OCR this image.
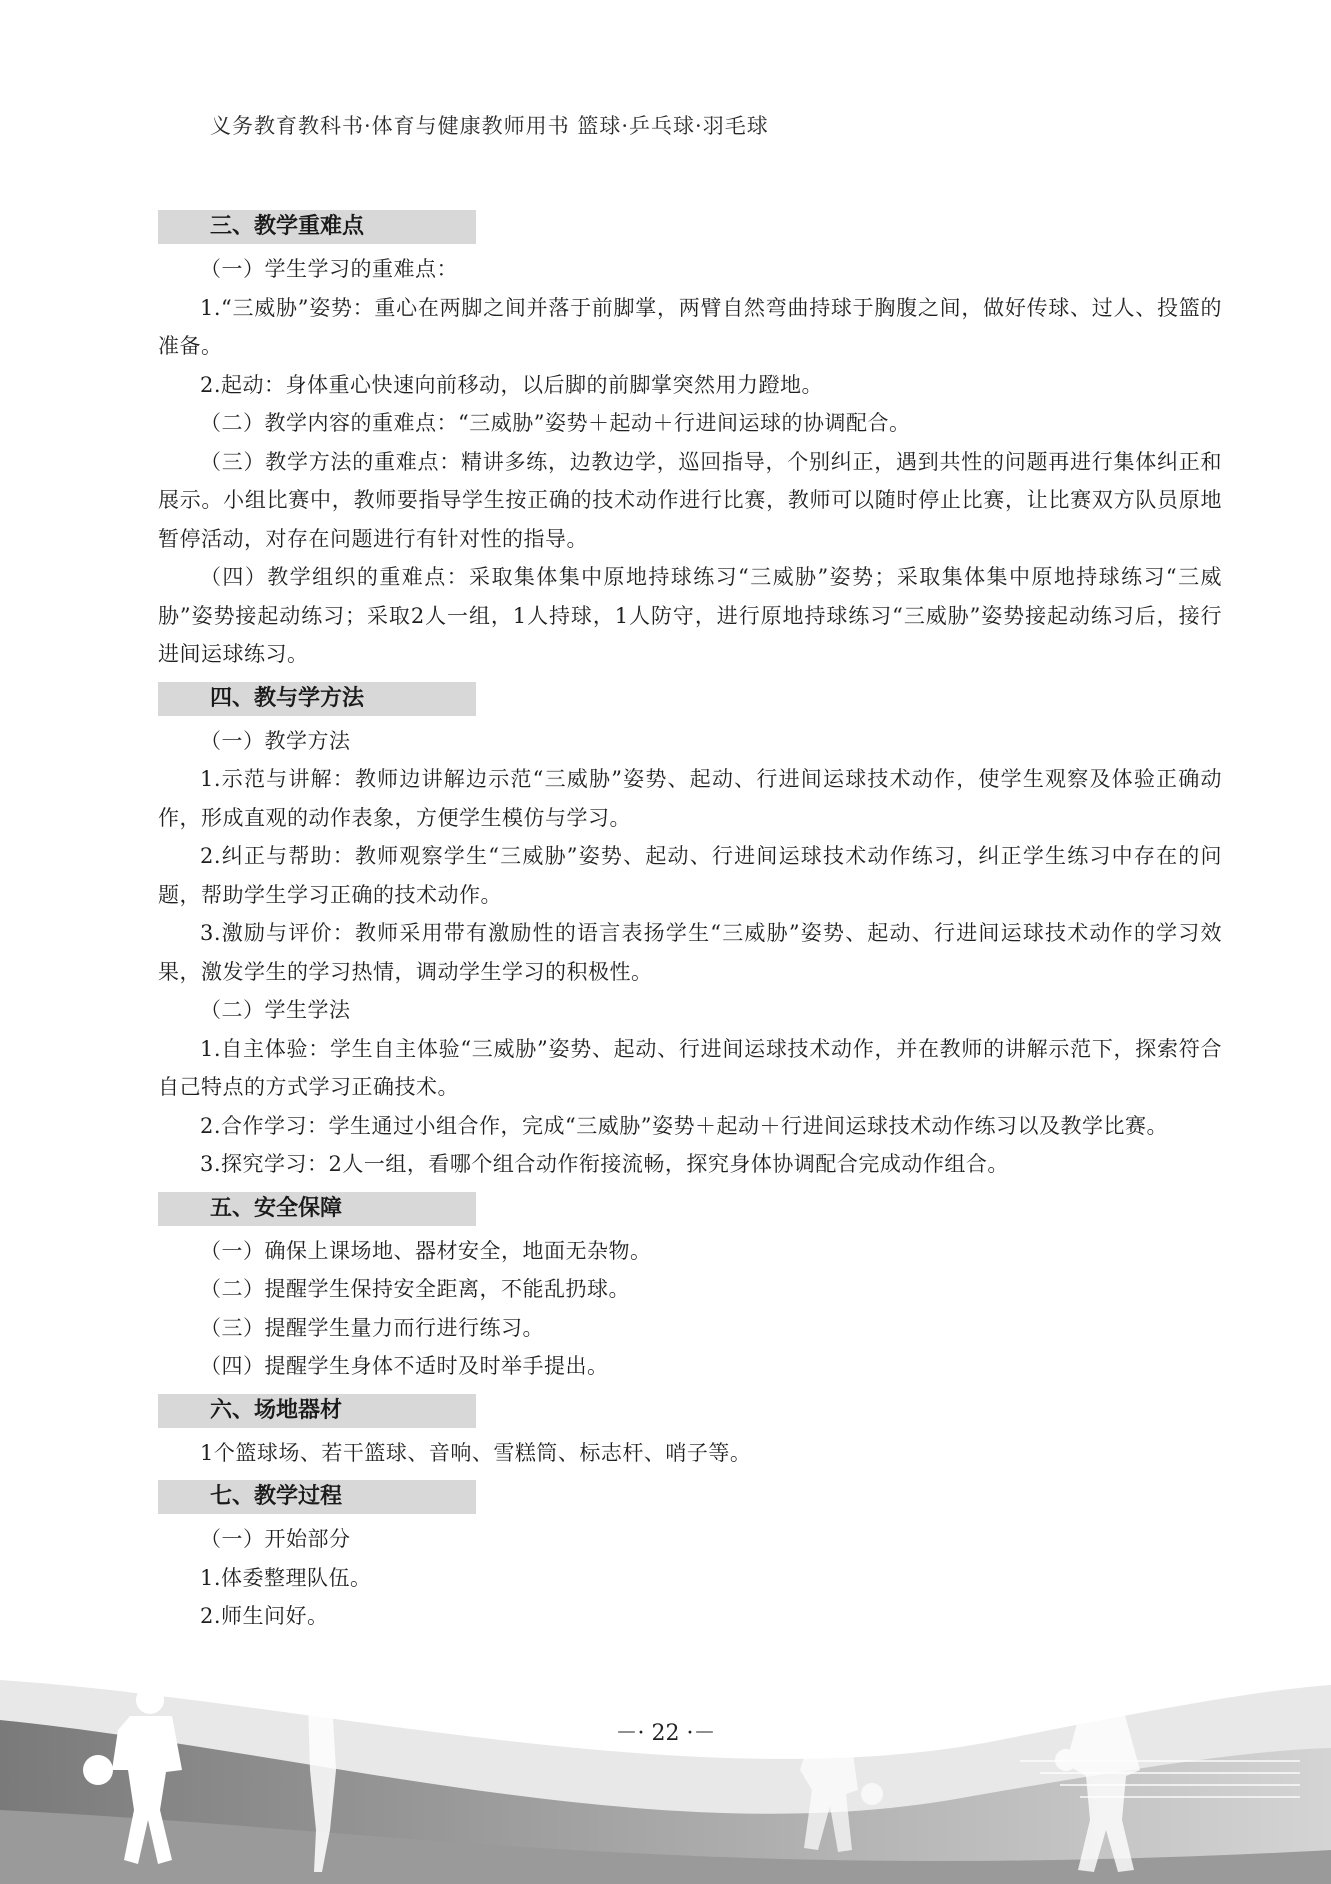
义务教育教科书·体育与健康教师用书 篮球·乒乓球·羽毛球
三、教学重难点

（一）学生学习的重难点：

1.“三威胁”姿势：重心在两脚之间并落于前脚掌，两臂自然弯曲持球于胸腹之间，做好传球、过人、投篮的准备。

2.起动：身体重心快速向前移动，以后脚的前脚掌突然用力蹬地。

（二）教学内容的重难点：“三威胁”姿势＋起动＋行进间运球的协调配合。

（三）教学方法的重难点：精讲多练，边教边学，巡回指导，个别纠正，遇到共性的问题再进行集体纠正和展示。小组比赛中，教师要指导学生按正确的技术动作进行比赛，教师可以随时停止比赛，让比赛双方队员原地暂停活动，对存在问题进行有针对性的指导。

（四）教学组织的重难点：采取集体集中原地持球练习“三威胁”姿势；采取集体集中原地持球练习“三威胁”姿势接起动练习；采取2人一组，1人持球，1人防守，进行原地持球练习“三威胁”姿势接起动练习后，接行进间运球练习。

四、教与学方法

（一）教学方法

1.示范与讲解：教师边讲解边示范“三威胁”姿势、起动、行进间运球技术动作，使学生观察及体验正确动作，形成直观的动作表象，方便学生模仿与学习。

2.纠正与帮助：教师观察学生“三威胁”姿势、起动、行进间运球技术动作练习，纠正学生练习中存在的问题，帮助学生学习正确的技术动作。

3.激励与评价：教师采用带有激励性的语言表扬学生“三威胁”姿势、起动、行进间运球技术动作的学习效果，激发学生的学习热情，调动学生学习的积极性。

（二）学生学法

1.自主体验：学生自主体验“三威胁”姿势、起动、行进间运球技术动作，并在教师的讲解示范下，探索符合自己特点的方式学习正确技术。

2.合作学习：学生通过小组合作，完成“三威胁”姿势＋起动＋行进间运球技术动作练习以及教学比赛。

3.探究学习：2人一组，看哪个组合动作衔接流畅，探究身体协调配合完成动作组合。

五、安全保障

（一）确保上课场地、器材安全，地面无杂物。

（二）提醒学生保持安全距离，不能乱扔球。

（三）提醒学生量力而行进行练习。

（四）提醒学生身体不适时及时举手提出。

六、场地器材

1个篮球场、若干篮球、音响、雪糕筒、标志杆、哨子等。

七、教学过程

（一）开始部分

1.体委整理队伍。

2.师生问好。

－· 22 ·－
